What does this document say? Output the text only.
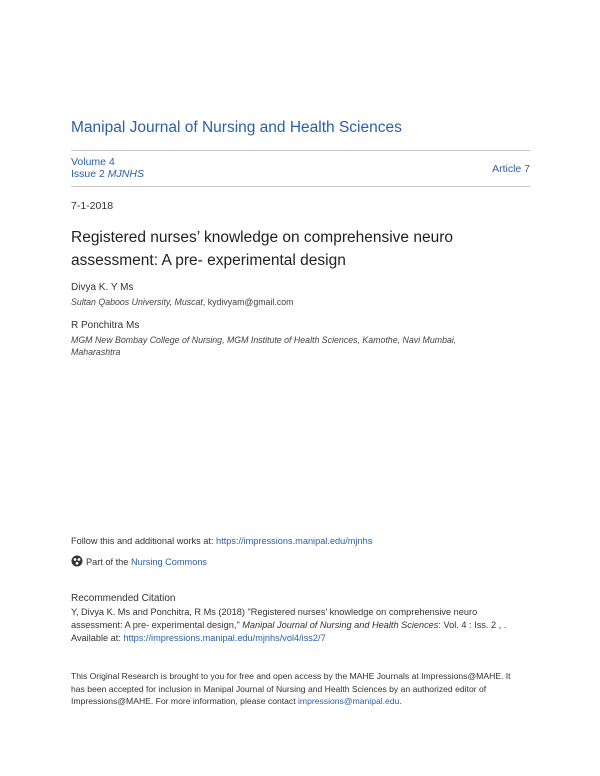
Manipal Journal of Nursing and Health Sciences
Volume 4
Issue 2 MJNHS	Article 7
7-1-2018
Registered nurses’ knowledge on comprehensive neuro
assessment: A pre- experimental design
Divya K. Y Ms
Sultan Qaboos University, Muscat, kydivyam@gmail.com
R Ponchitra Ms
MGM New Bombay College of Nursing, MGM Institute of Health Sciences, Kamothe, Navi Mumbai,
Maharashtra
Follow this and additional works at: https://impressions.manipal.edu/mjnhs
Part of the Nursing Commons
Recommended Citation
Y, Divya K. Ms and Ponchitra, R Ms (2018) "Registered nurses’ knowledge on comprehensive neuro
assessment: A pre- experimental design," Manipal Journal of Nursing and Health Sciences: Vol. 4 : Iss. 2 , .
Available at: https://impressions.manipal.edu/mjnhs/vol4/iss2/7
This Original Research is brought to you for free and open access by the MAHE Journals at Impressions@MAHE. It
has been accepted for inclusion in Manipal Journal of Nursing and Health Sciences by an authorized editor of
Impressions@MAHE. For more information, please contact impressions@manipal.edu.
